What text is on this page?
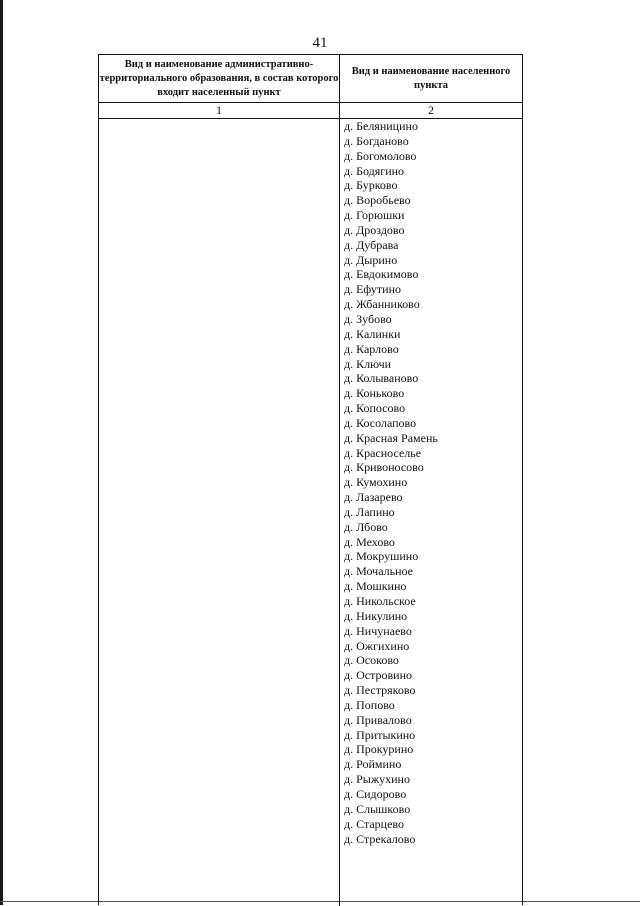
41
Вид и наименование административно-территориального образования, в состав которого входит населенный пункт
Вид и наименование населенного пункта
1	2
д. Беляницино
д. Богданово
д. Богомолово
д. Бодягино
д. Бурково
д. Воробьево
д. Горюшки
д. Дроздово
д. Дубрава
д. Дырино
д. Евдокимово
д. Ефутино
д. Жбанниково
д. Зубово
д. Калинки
д. Карлово
д. Ключи
д. Колываново
д. Коньково
д. Копосово
д. Косолапово
д. Красная Рамень
д. Красноселье
д. Кривоносово
д. Кумохино
д. Лазарево
д. Лапино
д. Лбово
д. Мехово
д. Мокрушино
д. Мочальное
д. Мошкино
д. Никольское
д. Никулино
д. Ничунаево
д. Ожгихино
д. Осоково
д. Островино
д. Пестряково
д. Попово
д. Привалово
д. Притыкино
д. Прокурино
д. Роймино
д. Рыжухино
д. Сидорово
д. Слышково
д. Старцево
д. Стрекалово
